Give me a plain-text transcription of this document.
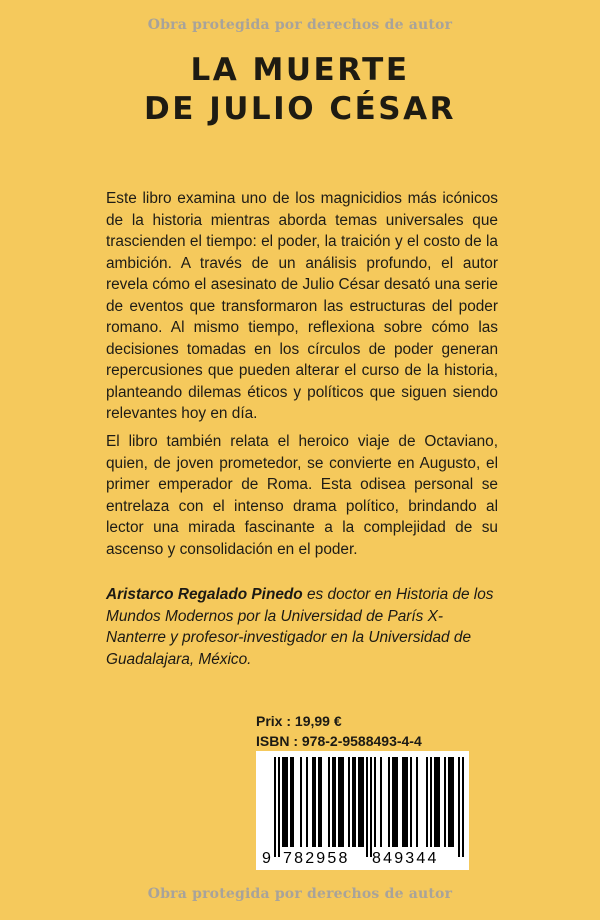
Obra protegida por derechos de autor
LA MUERTE
DE JULIO CÉSAR

Este libro examina uno de los magnicidios más icónicos de la historia mientras aborda temas universales que trascienden el tiempo: el poder, la traición y el costo de la ambición. A través de un análisis profundo, el autor revela cómo el asesinato de Julio César desató una serie de eventos que transformaron las estructuras del poder romano. Al mismo tiempo, reflexiona sobre cómo las decisiones tomadas en los círculos de poder generan repercusiones que pueden alterar el curso de la historia, planteando dilemas éticos y políticos que siguen siendo relevantes hoy en día.

El libro también relata el heroico viaje de Octaviano, quien, de joven prometedor, se convierte en Augusto, el primer emperador de Roma. Esta odisea personal se entrelaza con el intenso drama político, brindando al lector una mirada fascinante a la complejidad de su ascenso y consolidación en el poder.

Aristarco Regalado Pinedo es doctor en Historia de los Mundos Modernos por la Universidad de París X-Nanterre y profesor-investigador en la Universidad de Guadalajara, México.

Prix : 19,99 €
ISBN : 978-2-9588493-4-4
9 782958 849344
Obra protegida por derechos de autor
